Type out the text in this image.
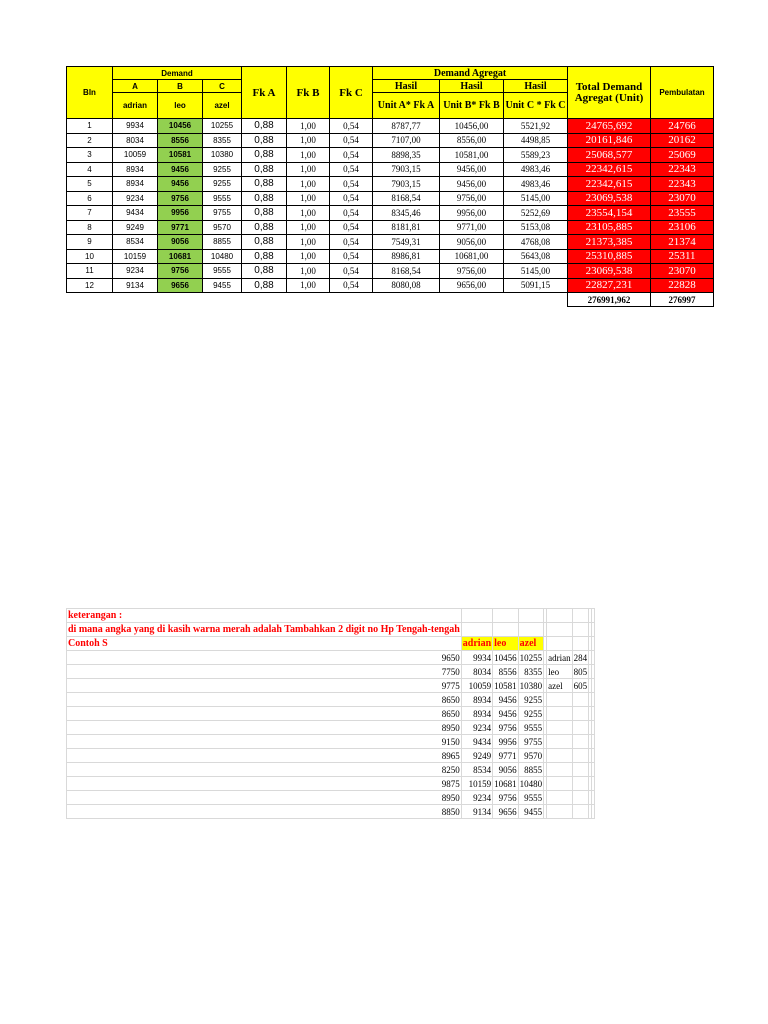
Bln	Demand			Fk A	Fk B	Fk C	Demand Agregat			Total Demand Agregat (Unit)	Pembulatan
	A	B	C				Hasil	Hasil	Hasil		
	adrian	leo	azel				Unit A* Fk A	Unit B* Fk B	Unit C * Fk C		
1	9934	10456	10255	0,88	1,00	0,54	8787,77	10456,00	5521,92	24765,692	24766
2	8034	8556	8355	0,88	1,00	0,54	7107,00	8556,00	4498,85	20161,846	20162
3	10059	10581	10380	0,88	1,00	0,54	8898,35	10581,00	5589,23	25068,577	25069
4	8934	9456	9255	0,88	1,00	0,54	7903,15	9456,00	4983,46	22342,615	22343
5	8934	9456	9255	0,88	1,00	0,54	7903,15	9456,00	4983,46	22342,615	22343
6	9234	9756	9555	0,88	1,00	0,54	8168,54	9756,00	5145,00	23069,538	23070
7	9434	9956	9755	0,88	1,00	0,54	8345,46	9956,00	5252,69	23554,154	23555
8	9249	9771	9570	0,88	1,00	0,54	8181,81	9771,00	5153,08	23105,885	23106
9	8534	9056	8855	0,88	1,00	0,54	7549,31	9056,00	4768,08	21373,385	21374
10	10159	10681	10480	0,88	1,00	0,54	8986,81	10681,00	5643,08	25310,885	25311
11	9234	9756	9555	0,88	1,00	0,54	8168,54	9756,00	5145,00	23069,538	23070
12	9134	9656	9455	0,88	1,00	0,54	8080,08	9656,00	5091,15	22827,231	22828
										276991,962	276997
keterangan :								
di mana angka yang di kasih warna merah adalah Tambahkan 2 digit no Hp Tengah-tengah								
Contoh S	adrian	leo	azel					
9650	9934	10456	10255		adrian	284		
7750	8034	8556	8355		leo	805		
9775	10059	10581	10380		azel	605		
8650	8934	9456	9255					
8650	8934	9456	9255					
8950	9234	9756	9555					
9150	9434	9956	9755					
8965	9249	9771	9570					
8250	8534	9056	8855					
9875	10159	10681	10480					
8950	9234	9756	9555					
8850	9134	9656	9455					
